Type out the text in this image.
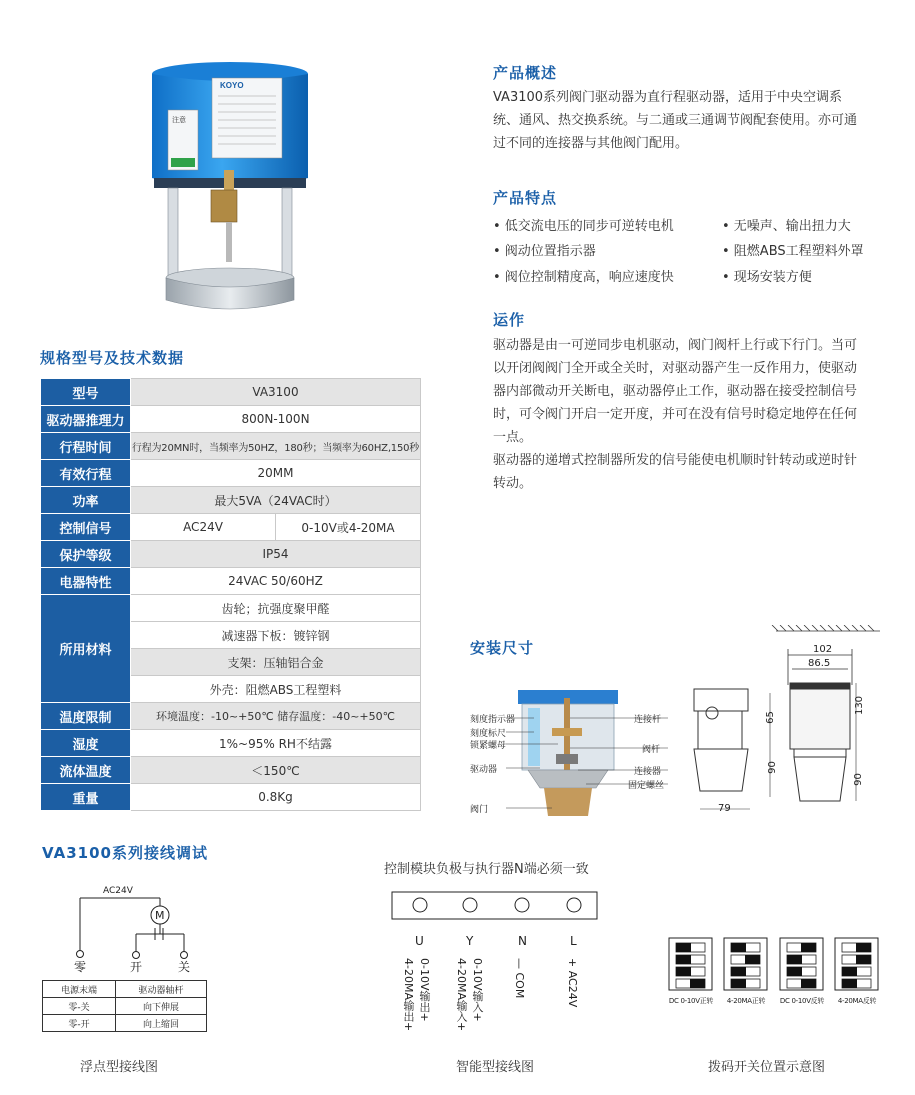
KOYO
注意
产品概述
VA3100系列阀门驱动器为直行程驱动器，适用于中央空调系
统、通风、热交换系统。与二通或三通调节阀配套使用。亦可通
过不同的连接器与其他阀门配用。
产品特点
• 低交流电压的同步可逆转电机	• 无噪声、输出扭力大
• 阀动位置指示器	• 阻燃ABS工程塑料外罩
• 阀位控制精度高，响应速度快	• 现场安装方便
运作
驱动器是由一可逆同步电机驱动，阀门阀杆上行或下行门。当可
以开闭阀阀门全开或全关时，对驱动器产生一反作用力，使驱动
器内部微动开关断电，驱动器停止工作，驱动器在接受控制信号
时，可令阀门开启一定开度，并可在没有信号时稳定地停在任何
一点。
驱动器的递增式控制器所发的信号能使电机顺时针转动或逆时针
转动。
规格型号及技术数据
型号	VA3100	
驱动器推理力	800N-100N	
行程时间	行程为20MN时，当频率为50HZ，180秒；当频率为60HZ,150秒	
有效行程	20MM	
功率	最大5VA（24VAC时）	
控制信号	AC24V	0-10V或4-20MA
保护等级	IP54	
电器特性	24VAC 50/60HZ	
所用材料	齿轮；抗强度聚甲醛	
	减速器下板：镀锌钢	
	支架：压轴铝合金	
	外壳：阻燃ABS工程塑料	
温度限制	环境温度：-10~+50℃ 储存温度：-40~+50℃	
湿度	1%~95% RH不结露	
流体温度	＜150℃	
重量	0.8Kg	
安装尺寸
刻度指示器
刻度标尺
锁紧螺母
驱动器
阀门
连接杆
阀杆
连接器
固定螺丝
102
86.5
65
130
90
90
79
VA3100系列接线调试
AC24V
M
零	开	关
电源末端	驱动器轴杆
零-关	向下伸展
零-开	向上缩回
浮点型接线图
控制模块负极与执行器N端必须一致
U	Y	N	L
0-10V输出+
4-20MA输出+	0-10V输入+
4-20MA输入+	— COM	+ AC24V
智能型接线图
DC 0-10V正转	4-20MA正转	DC 0-10V反转	4-20MA反转
拨码开关位置示意图
